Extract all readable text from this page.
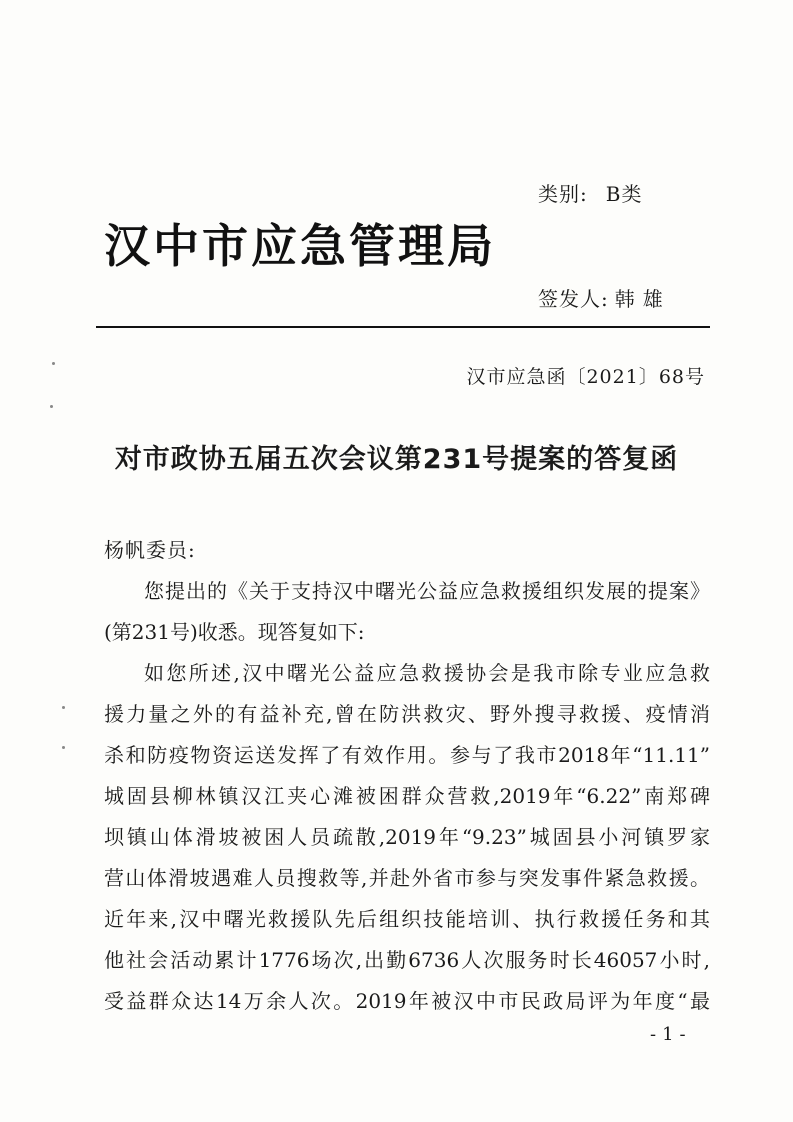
类别: B类
汉中市应急管理局
签发人: 韩雄
汉市应急函〔2021〕68号
对市政协五届五次会议第231号提案的答复函

杨帆委员:

您提出的《关于支持汉中曙光公益应急救援组织发展的提案》
(第231号)收悉。现答复如下:
如您所述,汉中曙光公益应急救援协会是我市除专业应急救
援力量之外的有益补充,曾在防洪救灾、野外搜寻救援、疫情消
杀和防疫物资运送发挥了有效作用。参与了我市2018年“11.11”
城固县柳林镇汉江夹心滩被困群众营救,2019年“6.22”南郑碑
坝镇山体滑坡被困人员疏散,2019年“9.23”城固县小河镇罗家
营山体滑坡遇难人员搜救等,并赴外省市参与突发事件紧急救援。
近年来,汉中曙光救援队先后组织技能培训、执行救援任务和其
他社会活动累计1776场次,出勤6736人次服务时长46057小时,
受益群众达14万余人次。2019年被汉中市民政局评为年度“最
-1-
